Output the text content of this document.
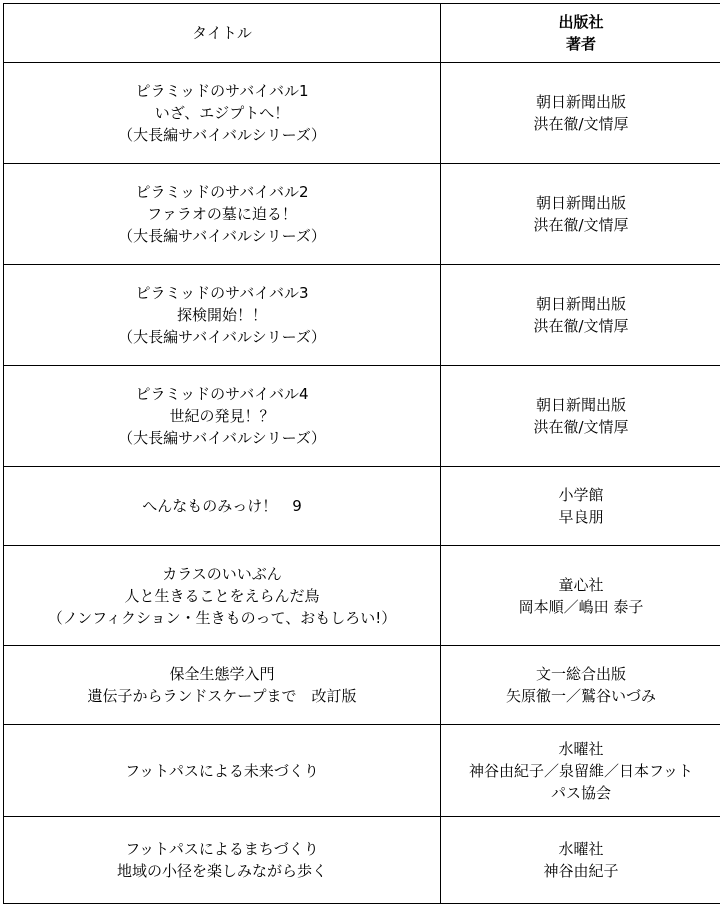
タイトル	出版社
著者

ピラミッドのサバイバル1
いざ、エジプトへ！
（大長編サバイバルシリーズ）	朝日新聞出版
洪在徹/文情厚

ピラミッドのサバイバル2
ファラオの墓に迫る！
（大長編サバイバルシリーズ）	朝日新聞出版
洪在徹/文情厚

ピラミッドのサバイバル3
探検開始！！
（大長編サバイバルシリーズ）	朝日新聞出版
洪在徹/文情厚

ピラミッドのサバイバル4
世紀の発見！？
（大長編サバイバルシリーズ）	朝日新聞出版
洪在徹/文情厚

へんなものみっけ！　9	小学館
早良朋

カラスのいいぶん
人と生きることをえらんだ鳥
（ノンフィクション・生きものって、おもしろい!）	童心社
岡本順／嶋田 泰子

保全生態学入門
遺伝子からランドスケープまで　改訂版	文一総合出版
矢原徹一／鷲谷いづみ

フットパスによる未来づくり	水曜社
神谷由紀子／泉留維／日本フット
パス協会

フットパスによるまちづくり
地域の小径を楽しみながら歩く	水曜社
神谷由紀子
